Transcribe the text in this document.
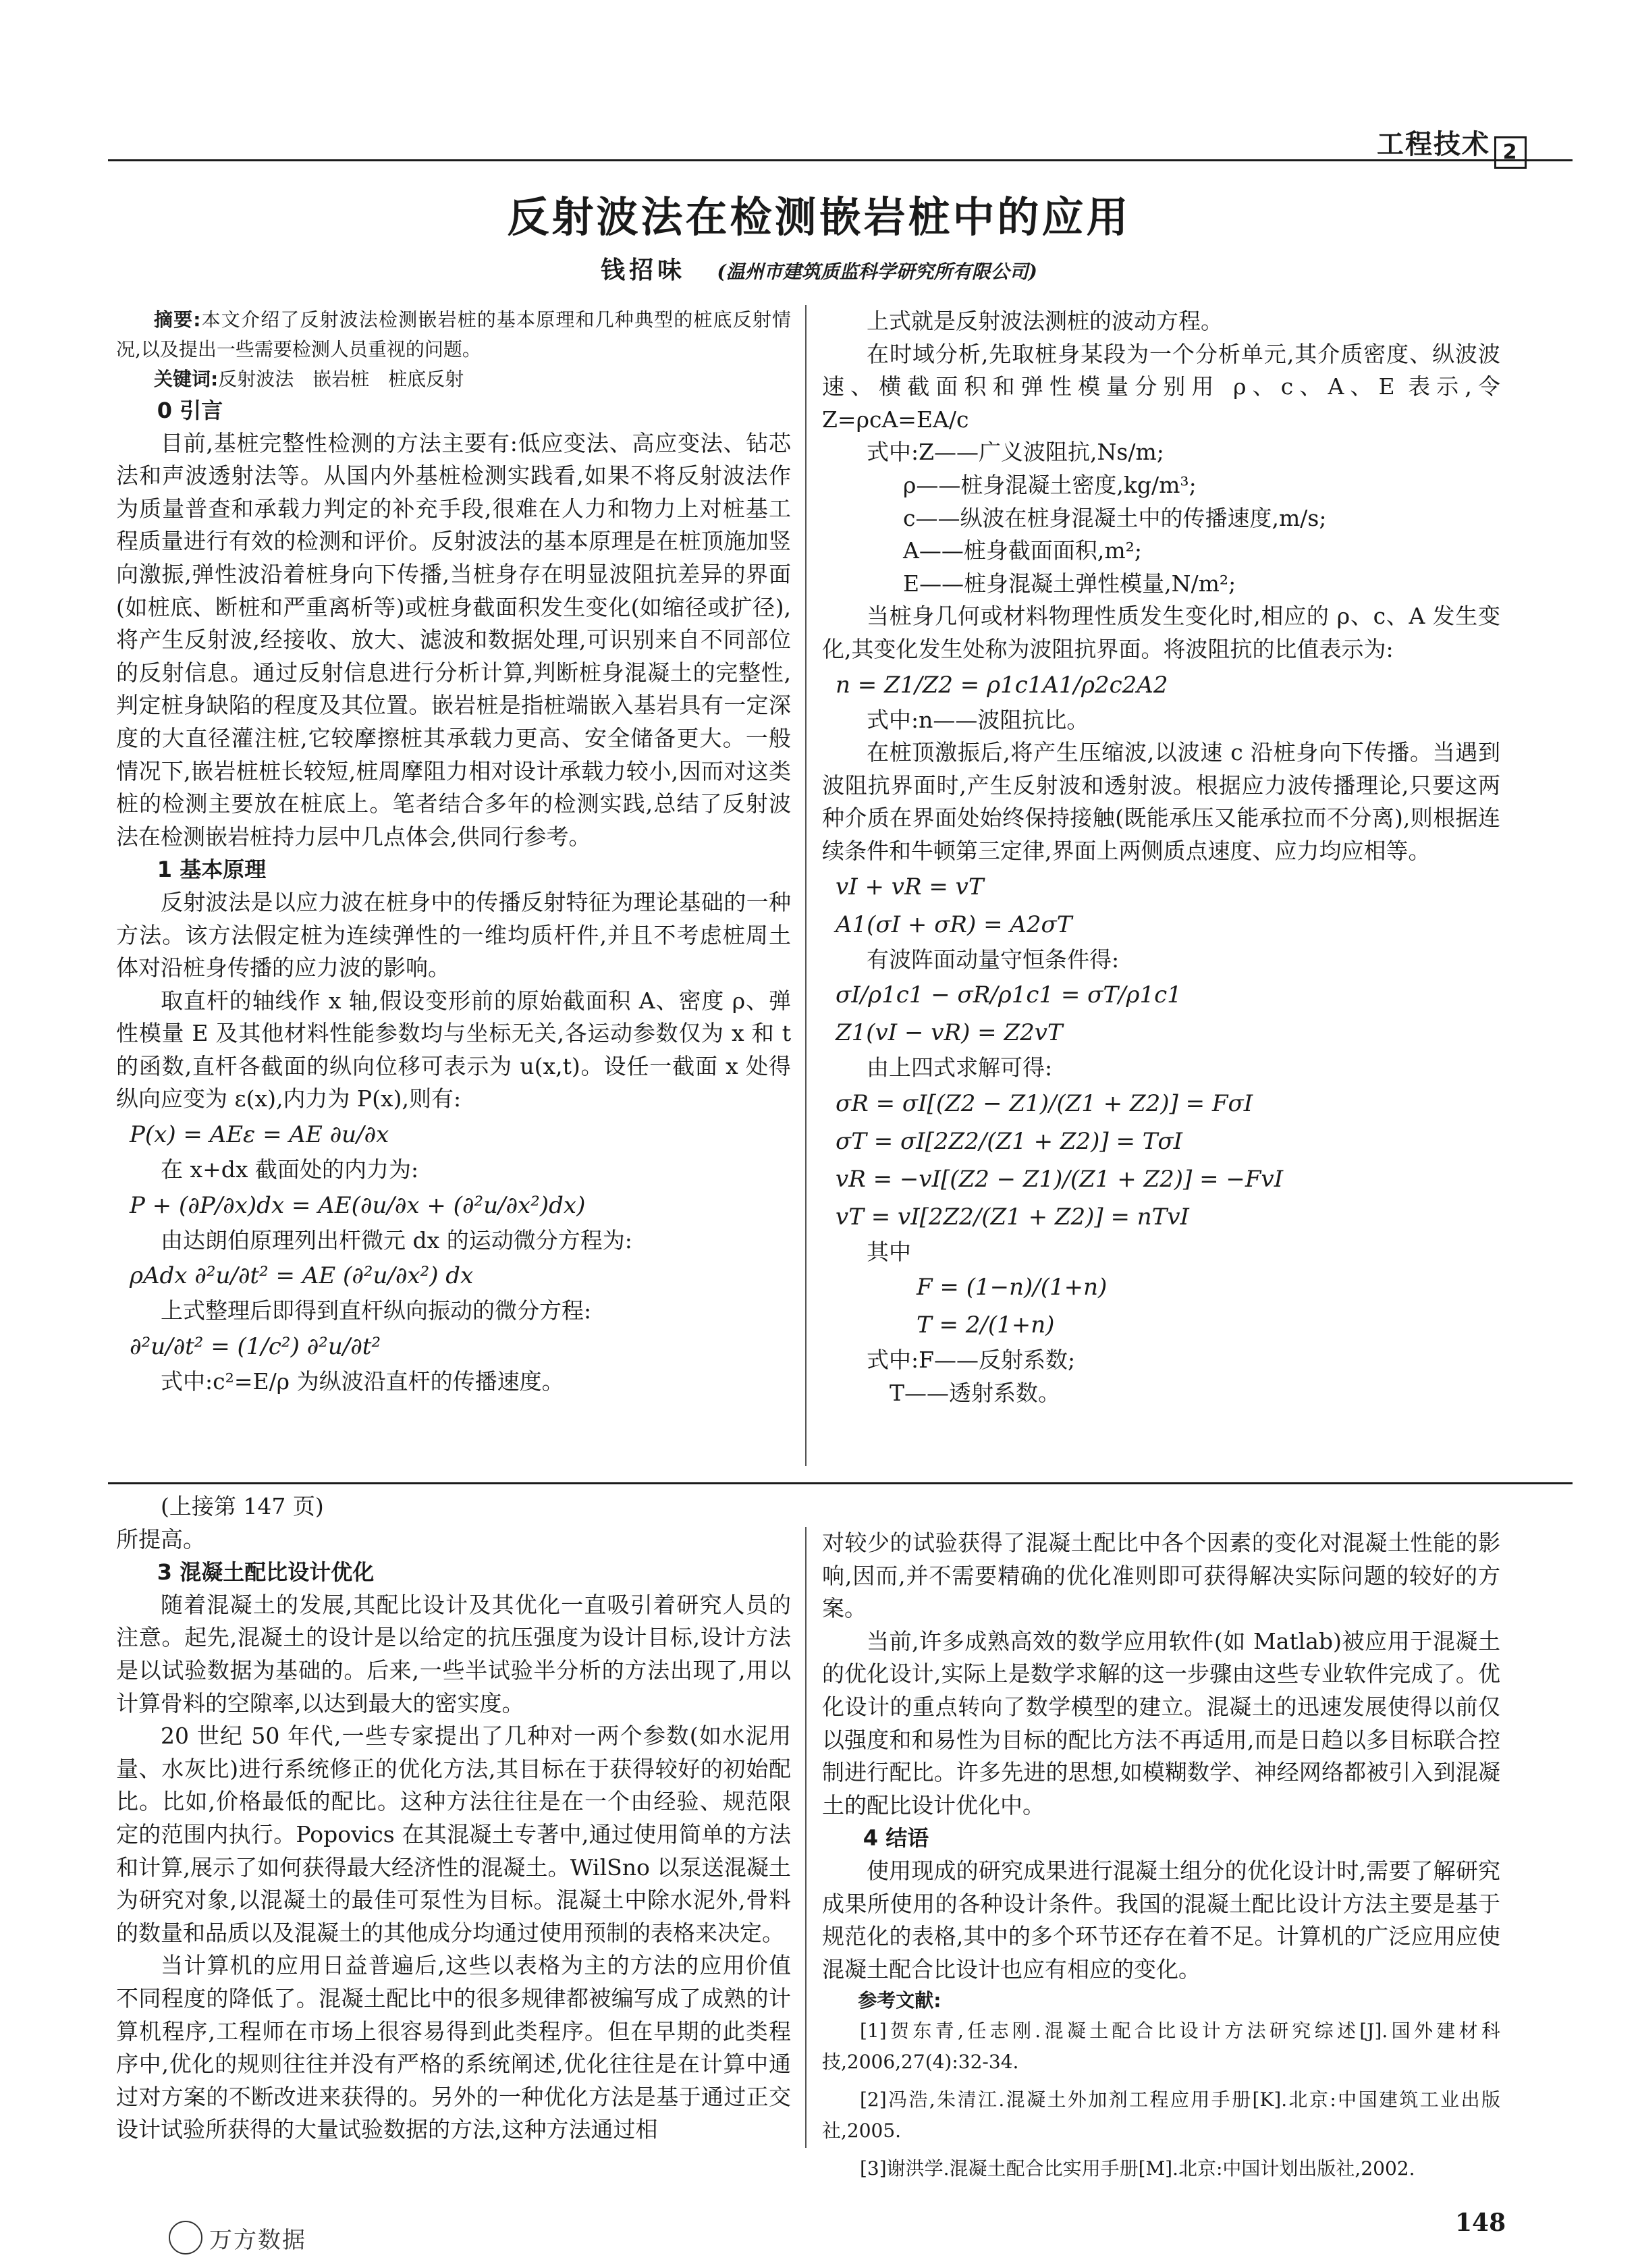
工程技术 2
反射波法在检测嵌岩桩中的应用
钱招味 (温州市建筑质监科学研究所有限公司)

摘要:本文介绍了反射波法检测嵌岩桩的基本原理和几种典型的桩底反射情况,以及提出一些需要检测人员重视的问题。

关键词:反射波法　嵌岩桩　桩底反射

0 引言

目前,基桩完整性检测的方法主要有:低应变法、高应变法、钻芯法和声波透射法等。从国内外基桩检测实践看,如果不将反射波法作为质量普查和承载力判定的补充手段,很难在人力和物力上对桩基工程质量进行有效的检测和评价。反射波法的基本原理是在桩顶施加竖向激振,弹性波沿着桩身向下传播,当桩身存在明显波阻抗差异的界面(如桩底、断桩和严重离析等)或桩身截面积发生变化(如缩径或扩径),将产生反射波,经接收、放大、滤波和数据处理,可识别来自不同部位的反射信息。通过反射信息进行分析计算,判断桩身混凝土的完整性,判定桩身缺陷的程度及其位置。嵌岩桩是指桩端嵌入基岩具有一定深度的大直径灌注桩,它较摩擦桩其承载力更高、安全储备更大。一般情况下,嵌岩桩桩长较短,桩周摩阻力相对设计承载力较小,因而对这类桩的检测主要放在桩底上。笔者结合多年的检测实践,总结了反射波法在检测嵌岩桩持力层中几点体会,供同行参考。

1 基本原理

反射波法是以应力波在桩身中的传播反射特征为理论基础的一种方法。该方法假定桩为连续弹性的一维均质杆件,并且不考虑桩周土体对沿桩身传播的应力波的影响。

取直杆的轴线作 x 轴,假设变形前的原始截面积 A、密度 ρ、弹性模量 E 及其他材料性能参数均与坐标无关,各运动参数仅为 x 和 t 的函数,直杆各截面的纵向位移可表示为 u(x,t)。设任一截面 x 处得纵向应变为 ε(x),内力为 P(x),则有:

P(x) = AEε = AE ∂u/∂x

在 x+dx 截面处的内力为:

P + (∂P/∂x)dx = AE(∂u/∂x + (∂²u/∂x²)dx)

由达朗伯原理列出杆微元 dx 的运动微分方程为:

ρAdx ∂²u/∂t² = AE (∂²u/∂x²) dx

上式整理后即得到直杆纵向振动的微分方程:

∂²u/∂t² = (1/c²) ∂²u/∂t²

式中:c²=E/ρ 为纵波沿直杆的传播速度。

上式就是反射波法测桩的波动方程。

在时域分析,先取桩身某段为一个分析单元,其介质密度、纵波波速、横截面积和弹性模量分别用 ρ、c、A、E 表示,令 Z=ρcA=EA/c

式中:Z——广义波阻抗,Ns/m;

ρ——桩身混凝土密度,kg/m³;

c——纵波在桩身混凝土中的传播速度,m/s;

A——桩身截面面积,m²;

E——桩身混凝土弹性模量,N/m²;

当桩身几何或材料物理性质发生变化时,相应的 ρ、c、A 发生变化,其变化发生处称为波阻抗界面。将波阻抗的比值表示为:

n = Z1/Z2 = ρ1c1A1/ρ2c2A2

式中:n——波阻抗比。

在桩顶激振后,将产生压缩波,以波速 c 沿桩身向下传播。当遇到波阻抗界面时,产生反射波和透射波。根据应力波传播理论,只要这两种介质在界面处始终保持接触(既能承压又能承拉而不分离),则根据连续条件和牛顿第三定律,界面上两侧质点速度、应力均应相等。

vI + vR = vT

A1(σI + σR) = A2σT

有波阵面动量守恒条件得:

σI/ρ1c1 − σR/ρ1c1 = σT/ρ1c1

Z1(vI − vR) = Z2vT

由上四式求解可得:

σR = σI[(Z2 − Z1)/(Z1 + Z2)] = FσI

σT = σI[2Z2/(Z1 + Z2)] = TσI

vR = −vI[(Z2 − Z1)/(Z1 + Z2)] = −FvI

vT = vI[2Z2/(Z1 + Z2)] = nTvI

其中

F = (1−n)/(1+n)

T = 2/(1+n)

式中:F——反射系数;

T——透射系数。

(上接第 147 页)

所提高。

3 混凝土配比设计优化

随着混凝土的发展,其配比设计及其优化一直吸引着研究人员的注意。起先,混凝土的设计是以给定的抗压强度为设计目标,设计方法是以试验数据为基础的。后来,一些半试验半分析的方法出现了,用以计算骨料的空隙率,以达到最大的密实度。

20 世纪 50 年代,一些专家提出了几种对一两个参数(如水泥用量、水灰比)进行系统修正的优化方法,其目标在于获得较好的初始配比。比如,价格最低的配比。这种方法往往是在一个由经验、规范限定的范围内执行。Popovics 在其混凝土专著中,通过使用简单的方法和计算,展示了如何获得最大经济性的混凝土。WilSno 以泵送混凝土为研究对象,以混凝土的最佳可泵性为目标。混凝土中除水泥外,骨料的数量和品质以及混凝土的其他成分均通过使用预制的表格来决定。

当计算机的应用日益普遍后,这些以表格为主的方法的应用价值不同程度的降低了。混凝土配比中的很多规律都被编写成了成熟的计算机程序,工程师在市场上很容易得到此类程序。但在早期的此类程序中,优化的规则往往并没有严格的系统阐述,优化往往是在计算中通过对方案的不断改进来获得的。另外的一种优化方法是基于通过正交设计试验所获得的大量试验数据的方法,这种方法通过相

对较少的试验获得了混凝土配比中各个因素的变化对混凝土性能的影响,因而,并不需要精确的优化准则即可获得解决实际问题的较好的方案。

当前,许多成熟高效的数学应用软件(如 Matlab)被应用于混凝土的优化设计,实际上是数学求解的这一步骤由这些专业软件完成了。优化设计的重点转向了数学模型的建立。混凝土的迅速发展使得以前仅以强度和和易性为目标的配比方法不再适用,而是日趋以多目标联合控制进行配比。许多先进的思想,如模糊数学、神经网络都被引入到混凝土的配比设计优化中。

4 结语

使用现成的研究成果进行混凝土组分的优化设计时,需要了解研究成果所使用的各种设计条件。我国的混凝土配比设计方法主要是基于规范化的表格,其中的多个环节还存在着不足。计算机的广泛应用应使混凝土配合比设计也应有相应的变化。

参考文献:

[1]贺东青,任志刚.混凝土配合比设计方法研究综述[J].国外建材科技,2006,27(4):32-34.

[2]冯浩,朱清江.混凝土外加剂工程应用手册[K].北京:中国建筑工业出版社,2005.

[3]谢洪学.混凝土配合比实用手册[M].北京:中国计划出版社,2002.

万方数据
148
